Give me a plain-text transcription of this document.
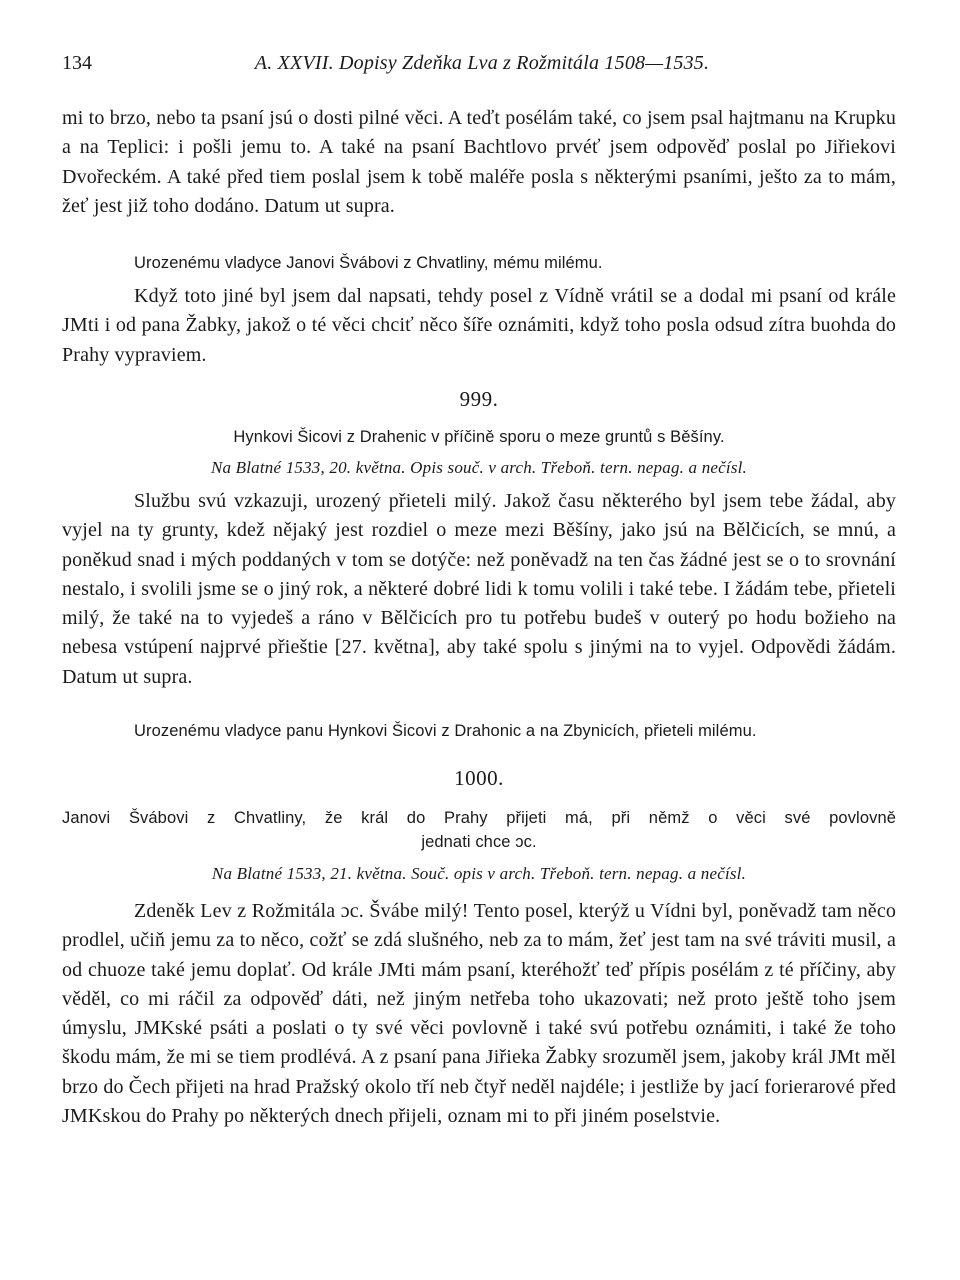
134	A. XXVII. Dopisy Zdeňka Lva z Rožmitála 1508—1535.

mi to brzo, nebo ta psaní jsú o dosti pilné věci. A teďt posélám také, co jsem psal hajtmanu na Krupku a na Teplici: i pošli jemu to. A také na psaní Bachtlovo prvéť jsem odpověď poslal po Jiřiekovi Dvořeckém. A také před tiem poslal jsem k tobě maléře posla s některými psaními, ješto za to mám, žeť jest již toho dodáno. Datum ut supra.

Urozenému vladyce Janovi Švábovi z Chvatliny, mému milému.

Když toto jiné byl jsem dal napsati, tehdy posel z Vídně vrátil se a dodal mi psaní od krále JMti i od pana Žabky, jakož o té věci chciť něco šíře oznámiti, když toho posla odsud zítra buohda do Prahy vypraviem.

999.

Hynkovi Šicovi z Drahenic v příčině sporu o meze gruntů s Běšíny.

Na Blatné 1533, 20. května. Opis souč. v arch. Třeboň. tern. nepag. a nečísl.

Službu svú vzkazuji, urozený přieteli milý. Jakož času některého byl jsem tebe žádal, aby vyjel na ty grunty, kdež nějaký jest rozdiel o meze mezi Běšíny, jako jsú na Bělčicích, se mnú, a poněkud snad i mých poddaných v tom se dotýče: než poněvadž na ten čas žádné jest se o to srovnání nestalo, i svolili jsme se o jiný rok, a některé dobré lidi k tomu volili i také tebe. I žádám tebe, přieteli milý, že také na to vyjedeš a ráno v Bělčicích pro tu potřebu budeš v outerý po hodu božieho na nebesa vstúpení najprvé přieštie [27. května], aby také spolu s jinými na to vyjel. Odpovědi žádám. Datum ut supra.

Urozenému vladyce panu Hynkovi Šicovi z Drahonic a na Zbynicích, přieteli milému.

1000.

Janovi Švábovi z Chvatliny, že král do Prahy přijeti má, při němž o věci své povlovně
jednati chce ɔc.

Na Blatné 1533, 21. května. Souč. opis v arch. Třeboň. tern. nepag. a nečísl.

Zdeněk Lev z Rožmitála ɔc. Švábe milý! Tento posel, kterýž u Vídni byl, poněvadž tam něco prodlel, učiň jemu za to něco, cožť se zdá slušného, neb za to mám, žeť jest tam na své tráviti musil, a od chuoze také jemu doplať. Od krále JMti mám psaní, kteréhožť teď přípis posélám z té příčiny, aby věděl, co mi ráčil za odpověď dáti, než jiným netřeba toho ukazovati; než proto ještě toho jsem úmyslu, JMKské psáti a poslati o ty své věci povlovně i také svú potřebu oznámiti, i také že toho škodu mám, že mi se tiem prodlévá. A z psaní pana Jiřieka Žabky srozuměl jsem, jakoby král JMt měl brzo do Čech přijeti na hrad Pražský okolo tří neb čtyř neděl najdéle; i jestliže by jací forierarové před JMKskou do Prahy po některých dnech přijeli, oznam mi to při jiném poselstvie.
